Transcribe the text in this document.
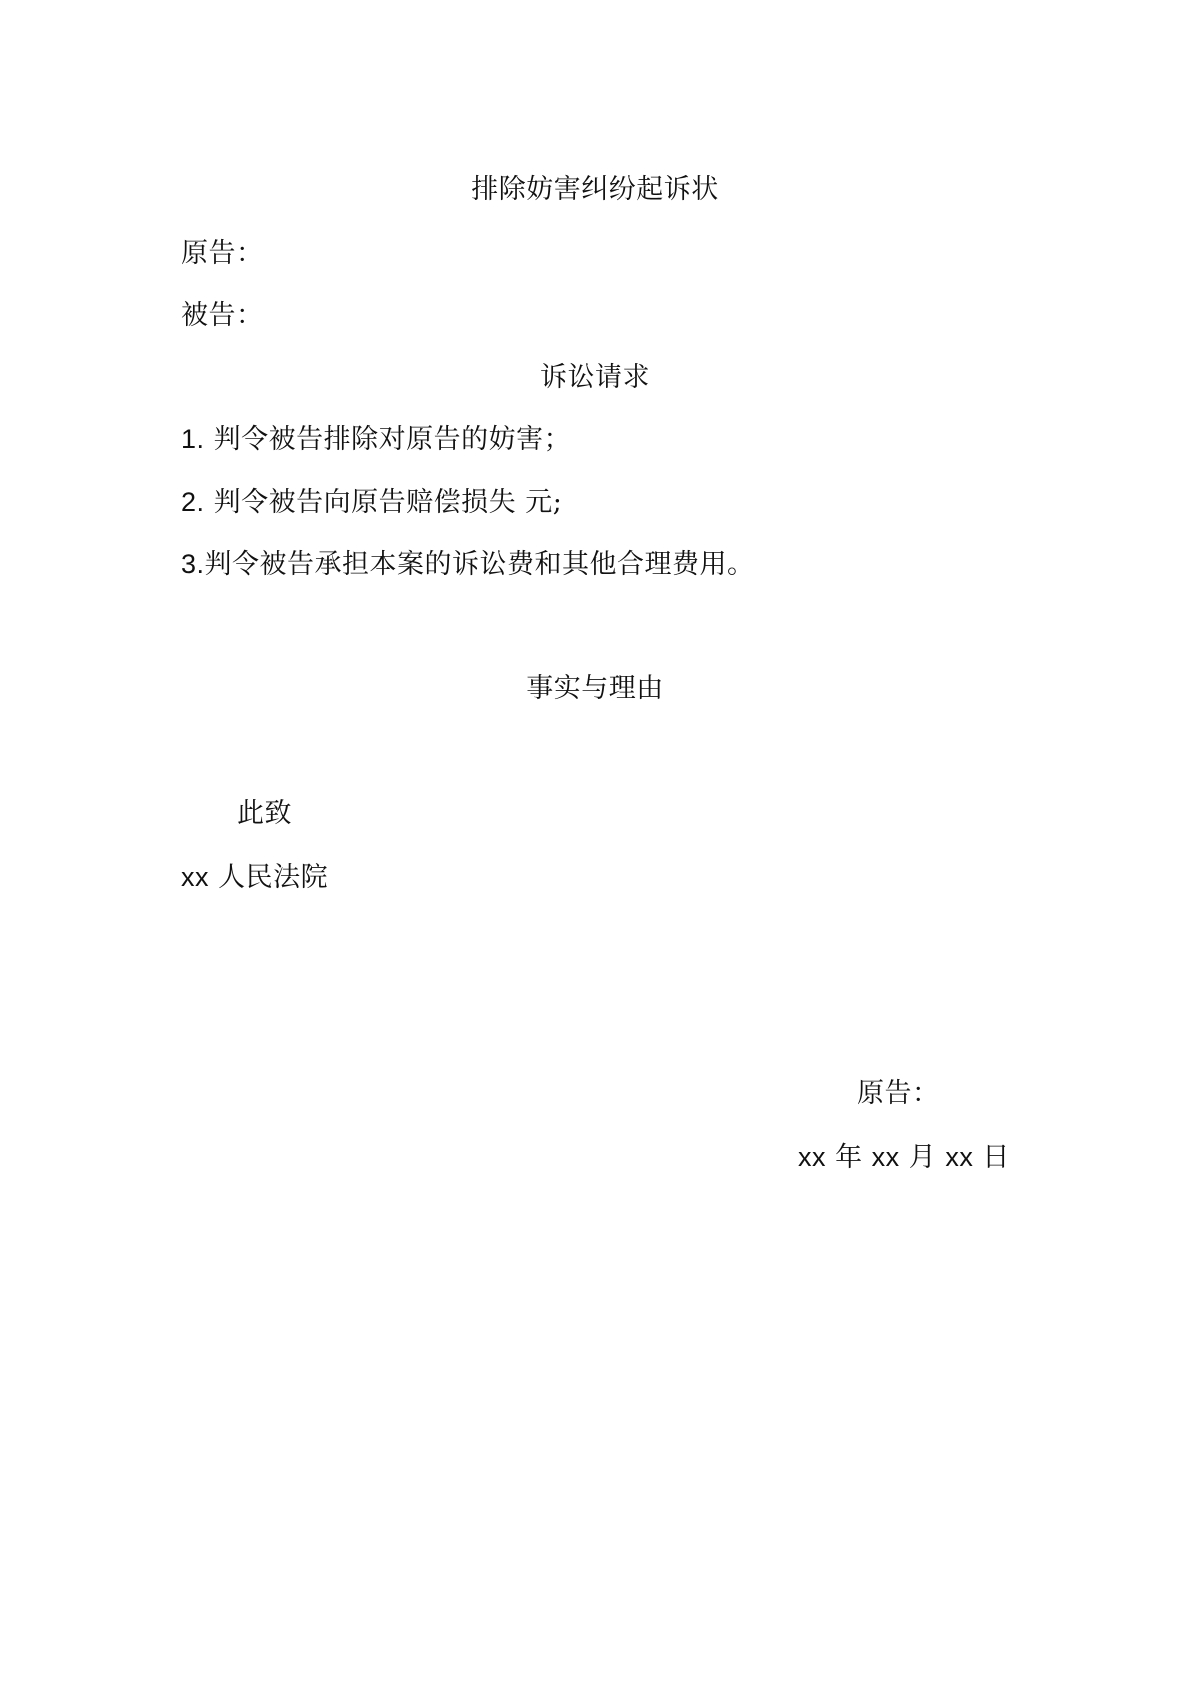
排除妨害纠纷起诉状
原告：
被告：
诉讼请求
1. 判令被告排除对原告的妨害；
2. 判令被告向原告赔偿损失 元;
3.判令被告承担本案的诉讼费和其他合理费用。
事实与理由
此致
xx 人民法院
原告：
xx 年 xx 月 xx 日
